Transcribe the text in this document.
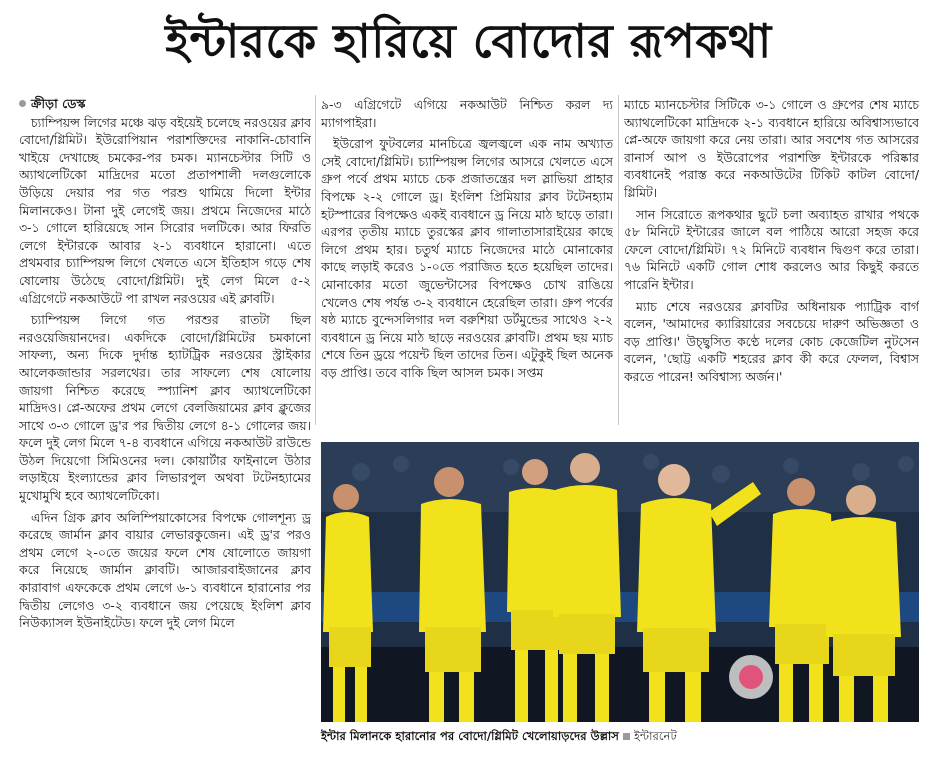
ইন্টারকে হারিয়ে বোদোর রূপকথা
ক্রীড়া ডেস্ক

চ্যাম্পিয়ন্স লিগের মঞ্চে ঝড় বইয়েই চলেছে নরওয়ের ক্লাব বোদো/গ্লিমিট। ইউরোপিয়ান পরাশক্তিদের নাকানি-চোবানি খাইয়ে দেখাচ্ছে চমকের-পর চমক। ম্যানচেস্টার সিটি ও অ্যাথলেটিকো মাদ্রিদের মতো প্রতাপশালী দলগুলোকে উড়িয়ে দেয়ার পর গত পরশু থামিয়ে দিলো ইন্টার মিলানকেও। টানা দুই লেগেই জয়। প্রথমে নিজেদের মাঠে ৩-১ গোলে হারিয়েছে সান সিরোর দলটিকে। আর ফিরতি লেগে ইন্টারকে আবার ২-১ ব্যবধানে হারানো। এতে প্রথমবার চ্যাম্পিয়ন্স লিগে খেলতে এসে ইতিহাস গড়ে শেষ ষোলোয় উঠেছে বোদো/গ্লিমিট। দুই লেগ মিলে ৫-২ এগ্রিগেটে নকআউটে পা রাখল নরওয়ের এই ক্লাবটি।

চ্যাম্পিয়ন্স লিগে গত পরশুর রাতটা ছিল নরওয়েজিয়ানদের। একদিকে বোদো/গ্লিমিটের চমকানো সাফল্য, অন্য দিকে দুর্দান্ত হ্যাটট্রিক নরওয়ের স্ট্রাইকার আলেকজান্ডার সরলথের। তার সাফল্যে শেষ ষোলোয় জায়গা নিশ্চিত করেছে স্প্যানিশ ক্লাব অ্যাথলেটিকো মাদ্রিদও। প্লে-অফের প্রথম লেগে বেলজিয়ামের ক্লাব ক্লুজের সাথে ৩-৩ গোলে ড্র'র পর দ্বিতীয় লেগে ৪-১ গোলের জয়। ফলে দুই লেগ মিলে ৭-৪ ব্যবধানে এগিয়ে নকআউট রাউন্ডে উঠল দিয়েগো সিমিওনের দল। কোয়ার্টার ফাইনালে উঠার লড়াইয়ে ইংল্যান্ডের ক্লাব লিভারপুল অথবা টটেনহ্যামের মুখোমুখি হবে অ্যাথলেটিকো।

এদিন গ্রিক ক্লাব অলিম্পিয়াকোসের বিপক্ষে গোলশূন্য ড্র করেছে জার্মান ক্লাব বায়ার লেভারকুজেন। এই ড্র'র পরও প্রথম লেগে ২-০তে জয়ের ফলে শেষ ষোলোতে জায়গা করে নিয়েছে জার্মান ক্লাবটি। আজারবাইজানের ক্লাব কারাবাগ এফকেকে প্রথম লেগে ৬-১ ব্যবধানে হারানোর পর দ্বিতীয় লেগেও ৩-২ ব্যবধানে জয় পেয়েছে ইংলিশ ক্লাব নিউক্যাসল ইউনাইটেড। ফলে দুই লেগ মিলে

৯-৩ এগ্রিগেটে এগিয়ে নকআউট নিশ্চিত করল দ্য ম্যাগপাইরা।

ইউরোপ ফুটবলের মানচিত্রে জ্বলজ্বলে এক নাম অখ্যাত সেই বোদো/গ্লিমিট। চ্যাম্পিয়ন্স লিগের আসরে খেলতে এসে গ্রুপ পর্বে প্রথম ম্যাচে চেক প্রজাতন্ত্রের দল স্লাভিয়া প্রাহার বিপক্ষে ২-২ গোলে ড্র। ইংলিশ প্রিমিয়ার ক্লাব টটেনহ্যাম হটস্পারের বিপক্ষেও একই ব্যবধানে ড্র নিয়ে মাঠ ছাড়ে তারা। এরপর তৃতীয় ম্যাচে তুরস্কের ক্লাব গালাতাসারাইয়ের কাছে লিগে প্রথম হার। চতুর্থ ম্যাচে নিজেদের মাঠে মোনাকোর কাছে লড়াই করেও ১-০তে পরাজিত হতে হয়েছিল তাদের। মোনাকোর মতো জুভেন্টাসের বিপক্ষেও চোখ রাঙিয়ে খেলেও শেষ পর্যন্ত ৩-২ ব্যবধানে হেরেছিল তারা। গ্রুপ পর্বের ষষ্ঠ ম্যাচে বুন্দেসলিগার দল বরুশিয়া ডর্টমুন্ডের সাথেও ২-২ ব্যবধানে ড্র নিয়ে মাঠ ছাড়ে নরওয়ের ক্লাবটি। প্রথম ছয় ম্যাচ শেষে তিন ড্রয়ে পয়েন্ট ছিল তাদের তিন। এটুকুই ছিল অনেক বড় প্রাপ্তি। তবে বাকি ছিল আসল চমক। সপ্তম

ম্যাচে ম্যানচেস্টার সিটিকে ৩-১ গোলে ও গ্রুপের শেষ ম্যাচে অ্যাথলেটিকো মাদ্রিদকে ২-১ ব্যবধানে হারিয়ে অবিশ্বাস্যভাবে প্লে-অফে জায়গা করে নেয় তারা। আর সবশেষ গত আসরের রানার্স আপ ও ইউরোপের পরাশক্তি ইন্টারকে পরিষ্কার ব্যবধানেই পরাস্ত করে নকআউটের টিকিট কাটল বোদো/গ্লিমিট।

সান সিরোতে রূপকথার ছুটে চলা অব্যাহত রাখার পথকে ৫৮ মিনিটে ইন্টারের জালে বল পাঠিয়ে আরো সহজ করে ফেলে বোদো/গ্লিমিট। ৭২ মিনিটে ব্যবধান দ্বিগুণ করে তারা। ৭৬ মিনিটে একটি গোল শোধ করলেও আর কিছুই করতে পারেনি ইন্টার।

ম্যাচ শেষে নরওয়ের ক্লাবটির অধিনায়ক প্যাট্রিক বার্গ বলেন, 'আমাদের ক্যারিয়ারের সবচেয়ে দারুণ অভিজ্ঞতা ও বড় প্রাপ্তি।' উচ্ছ্বসিত কণ্ঠে দলের কোচ কেজেটিল নুটসেন বলেন, 'ছোট্ট একটি শহরের ক্লাব কী করে ফেলল, বিশ্বাস করতে পারেন! অবিশ্বাস্য অর্জন।'

ইন্টার মিলানকে হারানোর পর বোদো/গ্লিমিট খেলোয়াড়দের উল্লাস ইন্টারনেট
